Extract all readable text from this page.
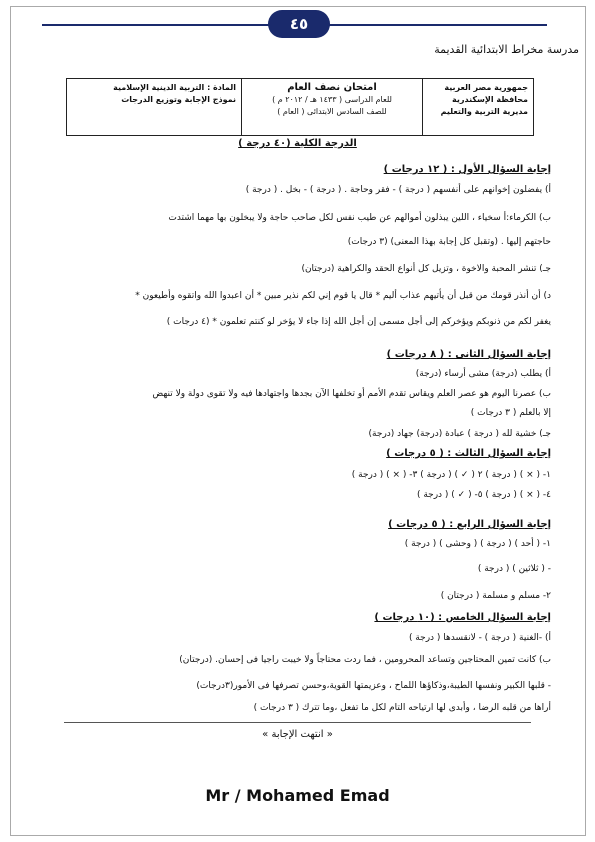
٤٥
مدرسة مخراط الابتدائية القديمة
جمهورية مصر العربية
محافظة الإسكندرية
مديرية التربية والتعليم
امتحان نصف العام
للعام الدراسى ( ١٤٣٣ هـ / ٢٠١٢ م )
للصف السادس الابتدائى ( العام )
المادة : التربية الدينية الإسلامية
نموذج الإجابة وتوزيع الدرجات
الدرجة الكلية (٤٠ درجة )
إجابة السؤال الأول : ( ١٢ درجات )
أ) يفضلون إخوانهم على أنفسهم ( درجة ) - فقر وحاجة . ( درجة ) - بخل . ( درجة )
ب) الكرماء:أ سخياء ، اللين يبذلون أموالهم عن طيب نفس لكل صاحب حاجة ولا يبخلون بها مهما اشتدت
حاجتهم إليها . (وتقبل كل إجابة بهذا المعنى) (٣ درجات)
جـ) تنشر المحبة والاخوة ، وتزيل كل أنواع الحقد والكراهية (درجتان)
د) أن أنذر قومك من قبل أن يأتيهم عذاب أليم * قال يا قوم إني لكم نذير مبين * أن اعبدوا الله واتقوه وأطيعون *
يغفر لكم من ذنوبكم ويؤخركم إلى أجل مسمى إن أجل الله إذا جاء لا يؤخر لو كنتم تعلمون * (٤ درجات )
إجابة السؤال الثانى : ( ٨ درجات )
أ) يطلب (درجة) مشى أرساء (درجة)
ب) عصرنا اليوم هو عصر العلم ويقاس تقدم الأمم أو تخلفها الآن بجدها واجتهادها فيه ولا تقوى دولة ولا تنهض
إلا بالعلم ( ٣ درجات )
جـ) خشية لله ( درجة ) عبادة (درجة) جهاد (درجة)
إجابة السؤال الثالث : ( ٥ درجات )
١- ( × ) ( درجة ) ٢ ( ✓ ) ( درجة ) ٣- ( × ) ( درجة )
٤- ( × ) ( درجة ) ٥- ( ✓ ) ( درجة )
إجابة السؤال الرابع : ( ٥ درجات )
١- ( أحد ) ( درجة ) ( وحشى ) ( درجة )
- ( ثلاثين ) ( درجة )
٢- مسلم و مسلمة ( درجتان )
إجابة السؤال الخامس : (١٠ درجات )
أ) -الغنية ( درجة ) - لانقسدها ( درجة )
ب) كانت تمين المحتاجين وتساعد المحرومين ، فما ردت محتاجاً ولا خيبت راجيا فى إحسان. (درجتان)
- قلبها الكبير ونفسها الطيبة،وذكاؤها اللماح ، وعزيمتها القوية،وحسن تصرفها فى الأمور(٣درجات)
أراها من قلبه الرضا ، وأبدى لها ارتياحه التام لكل ما تفعل ،وما تترك ( ٣ درجات )
« انتهت الإجابة »
Mr / Mohamed Emad
